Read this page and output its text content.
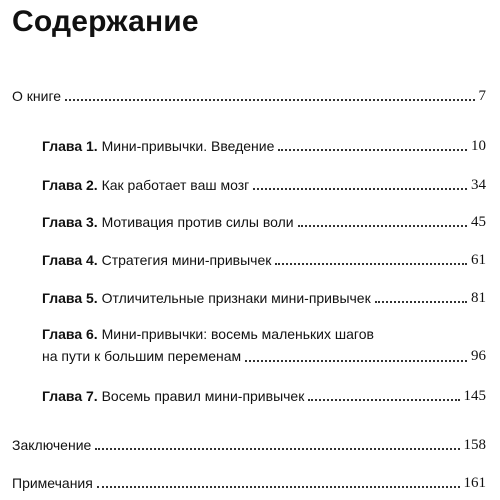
Содержание
О книге	7
Глава 1. Мини-привычки. Введение	10
Глава 2. Как работает ваш мозг	34
Глава 3. Мотивация против силы воли	45
Глава 4. Стратегия мини-привычек	61
Глава 5. Отличительные признаки мини-привычек	81
Глава 6. Мини-привычки: восемь маленьких шагов
на пути к большим переменам	96
Глава 7. Восемь правил мини-привычек	145
Заключение	158
Примечания	161
